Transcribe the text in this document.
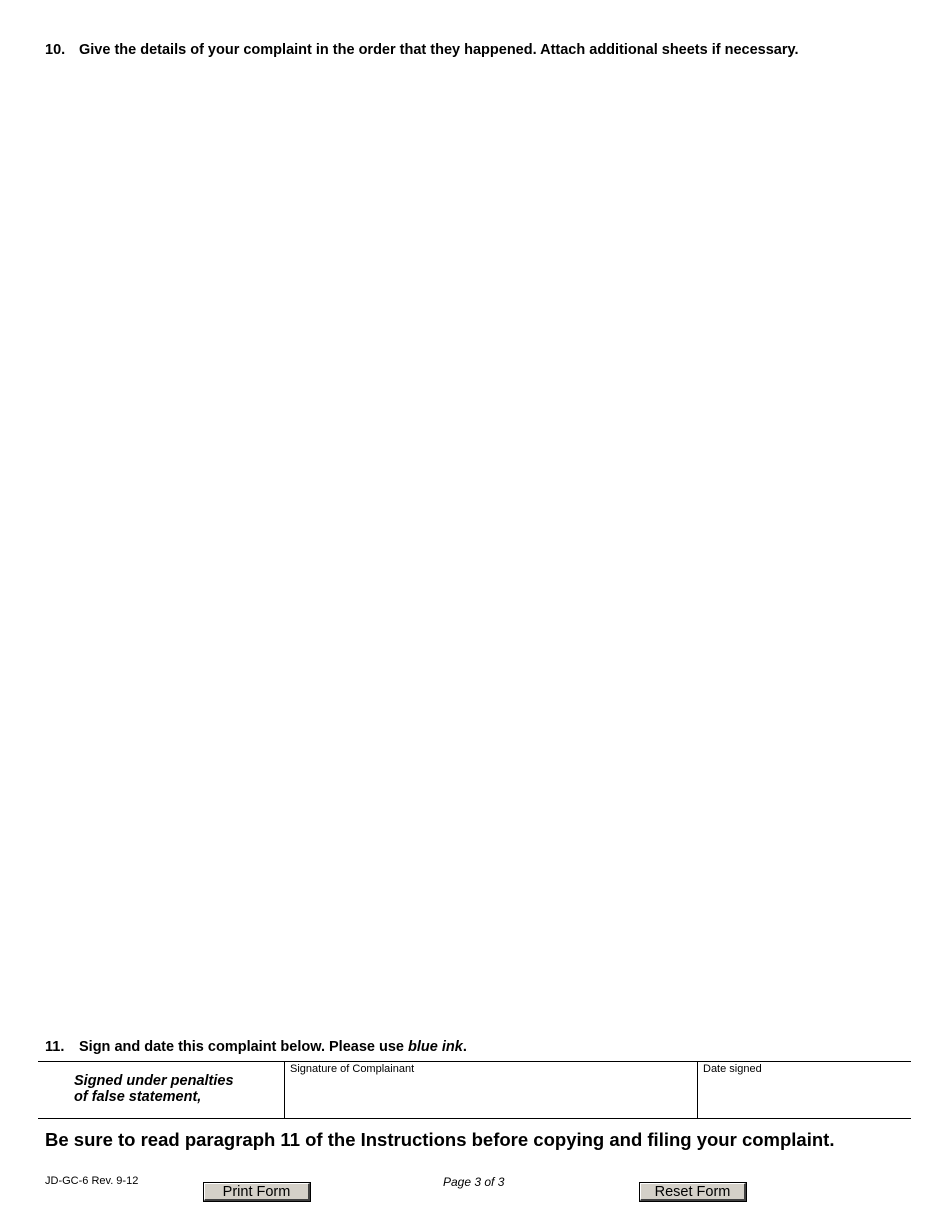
10. Give the details of your complaint in the order that they happened. Attach additional sheets if necessary.
11. Sign and date this complaint below. Please use blue ink.
Signed under penalties
of false statement,
Signature of Complainant	Date signed
Be sure to read paragraph 11 of the Instructions before copying and filing your complaint.
JD-GC-6 Rev. 9-12	Page 3 of 3
Print Form	Reset Form
